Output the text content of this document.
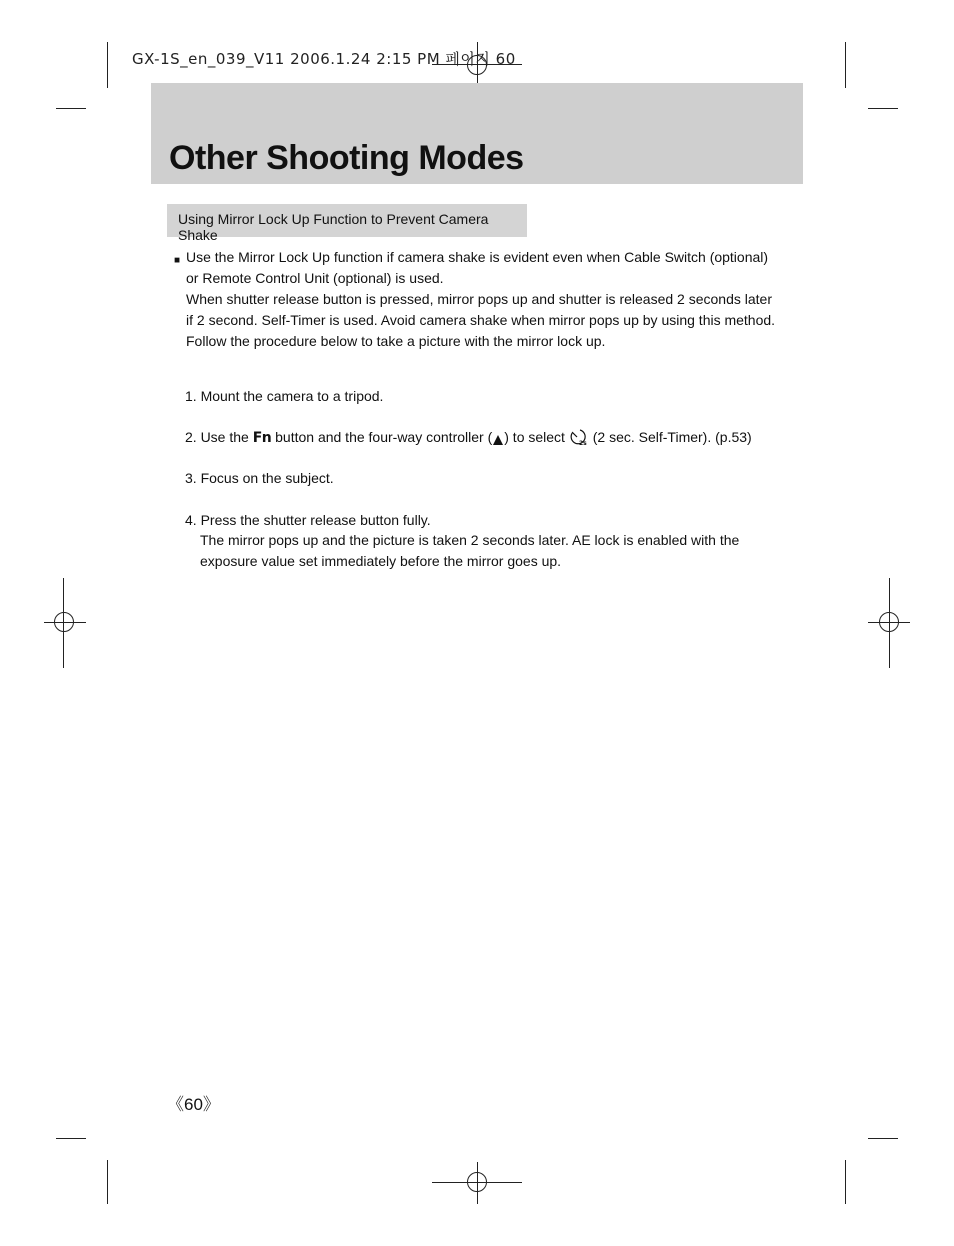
GX-1S_en_039_V11 2006.1.24 2:15 PM 페이지 60
Other Shooting Modes
Using Mirror Lock Up Function to Prevent Camera Shake
■ Use the Mirror Lock Up function if camera shake is evident even when Cable Switch (optional) or Remote Control Unit (optional) is used.

When shutter release button is pressed, mirror pops up and shutter is released 2 seconds later if 2 second. Self-Timer is used. Avoid camera shake when mirror pops up by using this method. Follow the procedure below to take a picture with the mirror lock up.

1. Mount the camera to a tripod.
2. Use the Fn button and the four-way controller ( ) to select 2s (2 sec. Self-Timer). (p.53)
3. Focus on the subject.
4. Press the shutter release button fully.
The mirror pops up and the picture is taken 2 seconds later. AE lock is enabled with the exposure value set immediately before the mirror goes up.
《60》
